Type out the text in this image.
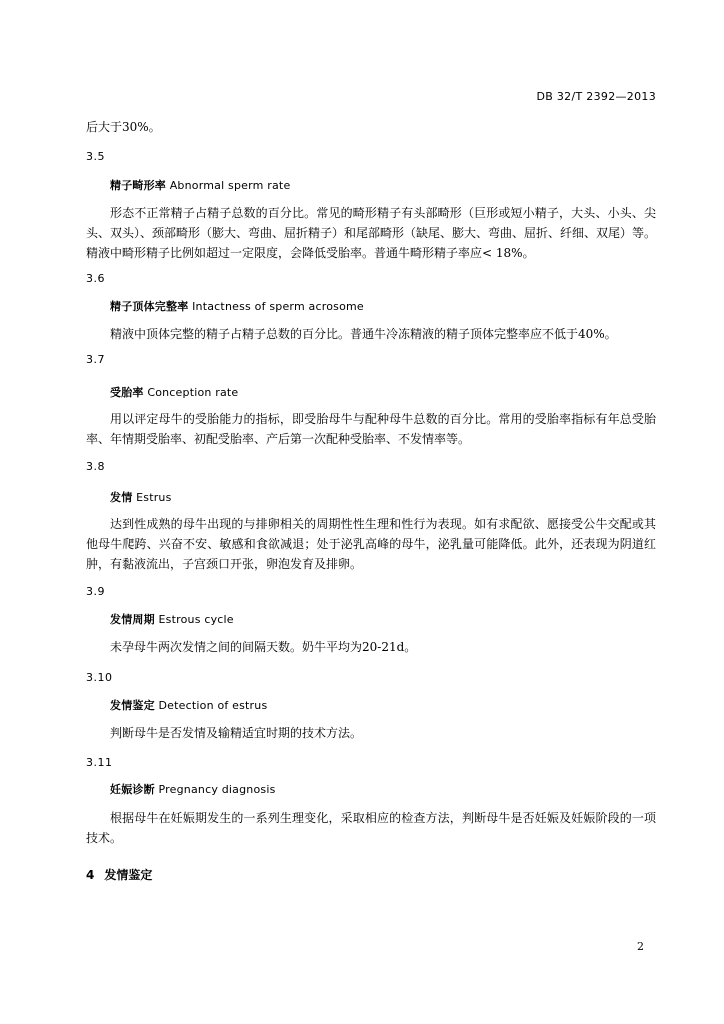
DB 32/T 2392—2013
后大于30%。
3.5
精子畸形率 Abnormal sperm rate
形态不正常精子占精子总数的百分比。常见的畸形精子有头部畸形（巨形或短小精子，大头、小头、尖头、双头）、颈部畸形（膨大、弯曲、屈折精子）和尾部畸形（缺尾、膨大、弯曲、屈折、纤细、双尾）等。精液中畸形精子比例如超过一定限度，会降低受胎率。普通牛畸形精子率应< 18%。
3.6
精子顶体完整率 Intactness of sperm acrosome
精液中顶体完整的精子占精子总数的百分比。普通牛冷冻精液的精子顶体完整率应不低于40%。
3.7
受胎率 Conception rate
用以评定母牛的受胎能力的指标，即受胎母牛与配种母牛总数的百分比。常用的受胎率指标有年总受胎率、年情期受胎率、初配受胎率、产后第一次配种受胎率、不发情率等。
3.8
发情 Estrus
达到性成熟的母牛出现的与排卵相关的周期性性生理和性行为表现。如有求配欲、愿接受公牛交配或其他母牛爬跨、兴奋不安、敏感和食欲减退；处于泌乳高峰的母牛，泌乳量可能降低。此外，还表现为阴道红肿，有黏液流出，子宫颈口开张，卵泡发育及排卵。
3.9
发情周期 Estrous cycle
未孕母牛两次发情之间的间隔天数。奶牛平均为20-21d。
3.10
发情鉴定 Detection of estrus
判断母牛是否发情及输精适宜时期的技术方法。
3.11
妊娠诊断 Pregnancy diagnosis
根据母牛在妊娠期发生的一系列生理变化，采取相应的检查方法，判断母牛是否妊娠及妊娠阶段的一项技术。
4 发情鉴定
2
